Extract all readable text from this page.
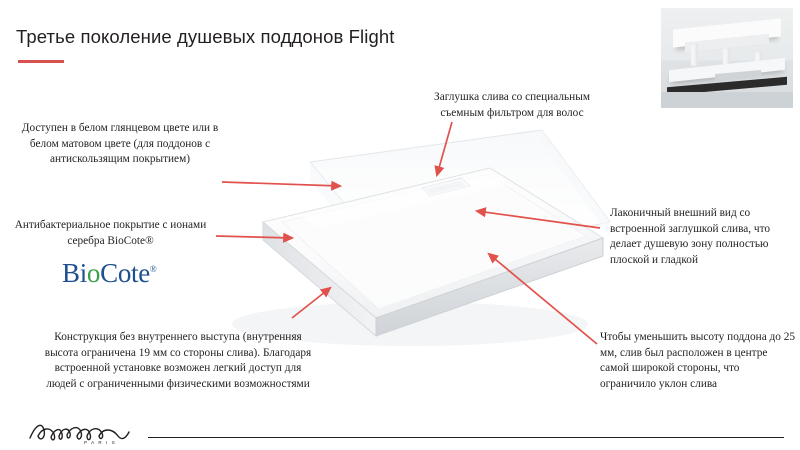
Третье поколение душевых поддонов Flight
Заглушка слива со специальным съемным фильтром для волос
Доступен в белом глянцевом цвете или в белом матовом цвете (для поддонов с антискользящим покрытием)
Антибактериальное покрытие с ионами серебра BioCote®
Лаконичный внешний вид со встроенной заглушкой слива, что делает душевую зону полностью плоской и гладкой
Чтобы уменьшить высоту поддона до 25 мм, слив был расположен в центре самой широкой стороны, что ограничило уклон слива
Конструкция без внутреннего выступа (внутренняя высота ограничена 19 мм со стороны слива). Благодаря встроенной установке возможен легкий доступ для людей с ограниченными физическими возможностями
BioCote®
P A R I S
